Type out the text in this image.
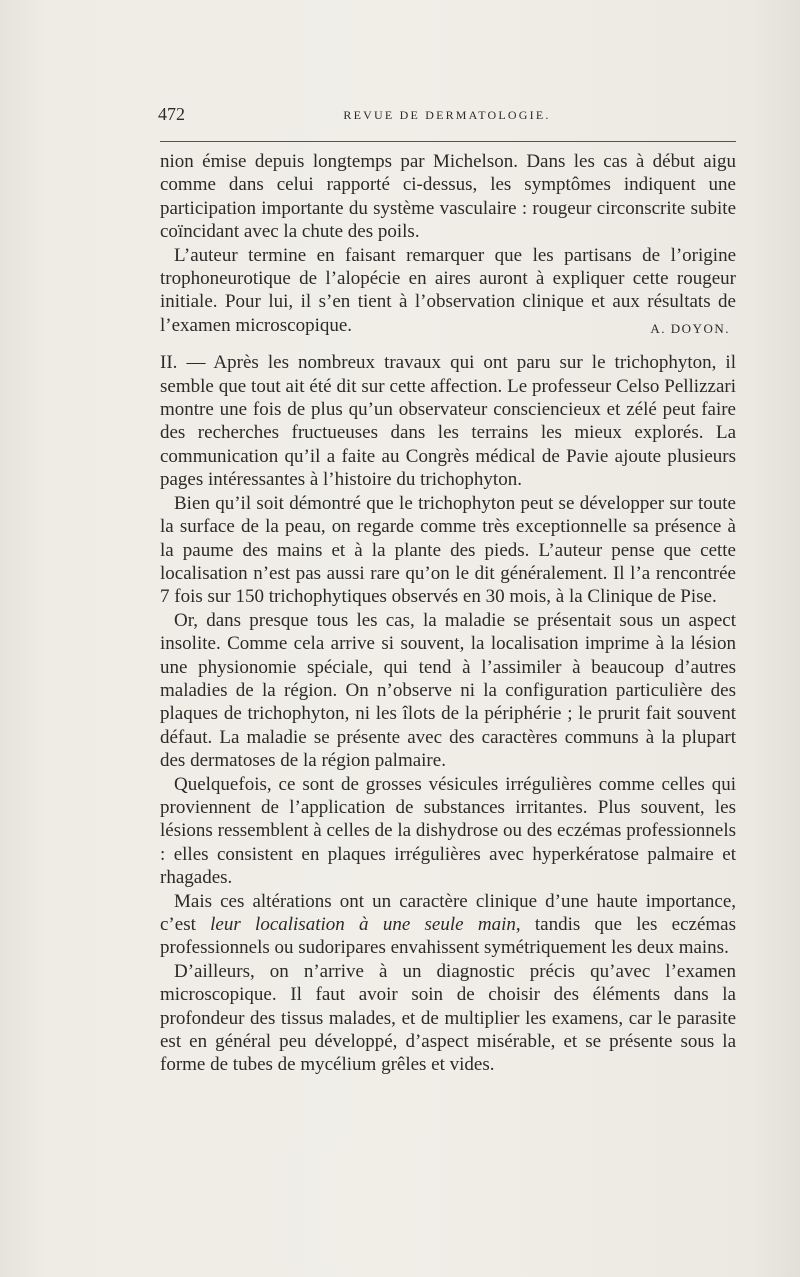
472	REVUE DE DERMATOLOGIE.

nion émise depuis longtemps par Michelson. Dans les cas à début aigu comme dans celui rapporté ci-dessus, les symptômes indiquent une participation importante du système vasculaire : rougeur circonscrite subite coïncidant avec la chute des poils.

L’auteur termine en faisant remarquer que les partisans de l’origine trophoneurotique de l’alopécie en aires auront à expliquer cette rougeur initiale. Pour lui, il s’en tient à l’observation clinique et aux résultats de l’examen microscopique.	A. DOYON.

II. — Après les nombreux travaux qui ont paru sur le trichophyton, il semble que tout ait été dit sur cette affection. Le professeur Celso Pellizzari montre une fois de plus qu’un observateur consciencieux et zélé peut faire des recherches fructueuses dans les terrains les mieux explorés. La communication qu’il a faite au Congrès médical de Pavie ajoute plusieurs pages intéressantes à l’histoire du trichophyton.

Bien qu’il soit démontré que le trichophyton peut se développer sur toute la surface de la peau, on regarde comme très exceptionnelle sa présence à la paume des mains et à la plante des pieds. L’auteur pense que cette localisation n’est pas aussi rare qu’on le dit généralement. Il l’a rencontrée 7 fois sur 150 trichophytiques observés en 30 mois, à la Clinique de Pise.

Or, dans presque tous les cas, la maladie se présentait sous un aspect insolite. Comme cela arrive si souvent, la localisation imprime à la lésion une physionomie spéciale, qui tend à l’assimiler à beaucoup d’autres maladies de la région. On n’observe ni la configuration particulière des plaques de trichophyton, ni les îlots de la périphérie ; le prurit fait souvent défaut. La maladie se présente avec des caractères communs à la plupart des dermatoses de la région palmaire.

Quelquefois, ce sont de grosses vésicules irrégulières comme celles qui proviennent de l’application de substances irritantes. Plus souvent, les lésions ressemblent à celles de la dishydrose ou des eczémas professionnels : elles consistent en plaques irrégulières avec hyperkératose palmaire et rhagades.

Mais ces altérations ont un caractère clinique d’une haute importance, c’est leur localisation à une seule main, tandis que les eczémas professionnels ou sudoripares envahissent symétriquement les deux mains.

D’ailleurs, on n’arrive à un diagnostic précis qu’avec l’examen microscopique. Il faut avoir soin de choisir des éléments dans la profondeur des tissus malades, et de multiplier les examens, car le parasite est en général peu développé, d’aspect misérable, et se présente sous la forme de tubes de mycélium grêles et vides.
